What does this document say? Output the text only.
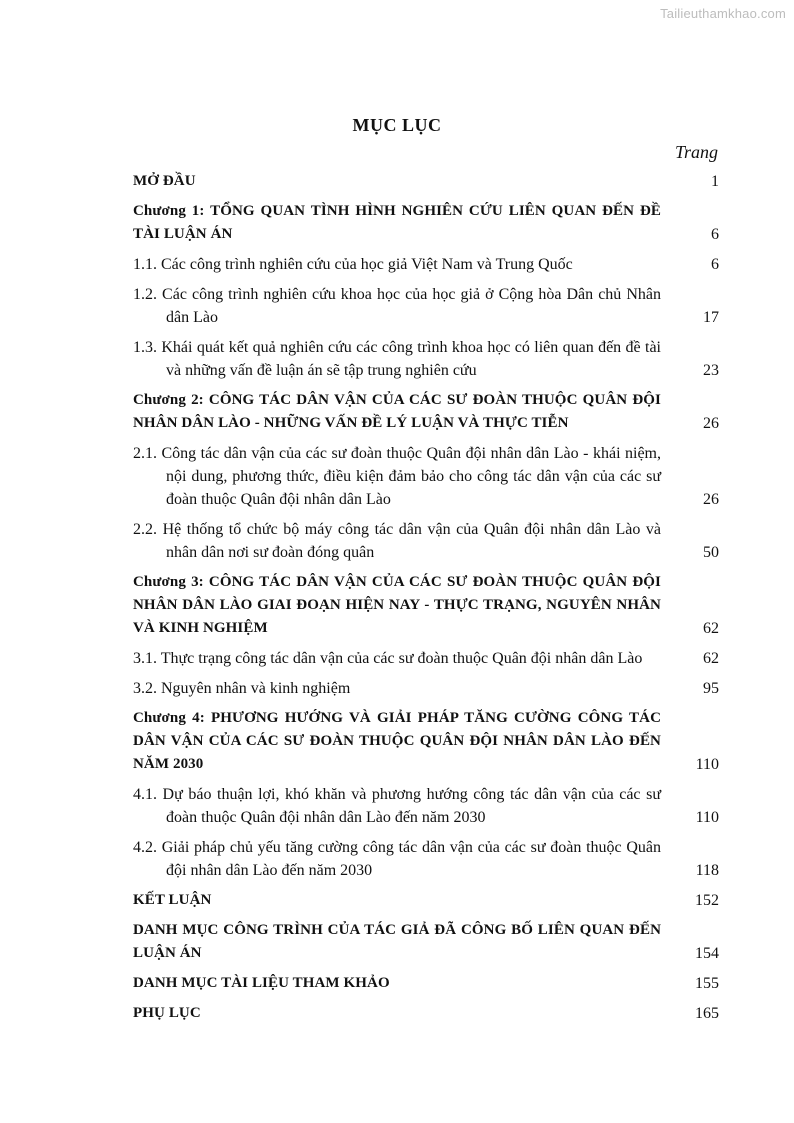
Tailieuthamkhao.com
MỤC LỤC
Trang
MỞ ĐẦU	1
Chương 1: TỔNG QUAN TÌNH HÌNH NGHIÊN CỨU LIÊN QUAN ĐẾN ĐỀ TÀI LUẬN ÁN	6
1.1. Các công trình nghiên cứu của học giả Việt Nam và Trung Quốc	6
1.2. Các công trình nghiên cứu khoa học của học giả ở Cộng hòa Dân chủ Nhân dân Lào	17
1.3. Khái quát kết quả nghiên cứu các công trình khoa học có liên quan đến đề tài và những vấn đề luận án sẽ tập trung nghiên cứu	23
Chương 2: CÔNG TÁC DÂN VẬN CỦA CÁC SƯ ĐOÀN THUỘC QUÂN ĐỘI NHÂN DÂN LÀO - NHỮNG VẤN ĐỀ LÝ LUẬN VÀ THỰC TIỄN	26
2.1. Công tác dân vận của các sư đoàn thuộc Quân đội nhân dân Lào - khái niệm, nội dung, phương thức, điều kiện đảm bảo cho công tác dân vận của các sư đoàn thuộc Quân đội nhân dân Lào	26
2.2. Hệ thống tổ chức bộ máy công tác dân vận của Quân đội nhân dân Lào và nhân dân nơi sư đoàn đóng quân	50
Chương 3: CÔNG TÁC DÂN VẬN CỦA CÁC SƯ ĐOÀN THUỘC QUÂN ĐỘI NHÂN DÂN LÀO GIAI ĐOẠN HIỆN NAY - THỰC TRẠNG, NGUYÊN NHÂN VÀ KINH NGHIỆM	62
3.1. Thực trạng công tác dân vận của các sư đoàn thuộc Quân đội nhân dân Lào	62
3.2. Nguyên nhân và kinh nghiệm	95
Chương 4: PHƯƠNG HƯỚNG VÀ GIẢI PHÁP TĂNG CƯỜNG CÔNG TÁC DÂN VẬN CỦA CÁC SƯ ĐOÀN THUỘC QUÂN ĐỘI NHÂN DÂN LÀO ĐẾN NĂM 2030	110
4.1. Dự báo thuận lợi, khó khăn và phương hướng công tác dân vận của các sư đoàn thuộc Quân đội nhân dân Lào đến năm 2030	110
4.2. Giải pháp chủ yếu tăng cường công tác dân vận của các sư đoàn thuộc Quân đội nhân dân Lào đến năm 2030	118
KẾT LUẬN	152
DANH MỤC CÔNG TRÌNH CỦA TÁC GIẢ ĐÃ CÔNG BỐ LIÊN QUAN ĐẾN LUẬN ÁN	154
DANH MỤC TÀI LIỆU THAM KHẢO	155
PHỤ LỤC	165
